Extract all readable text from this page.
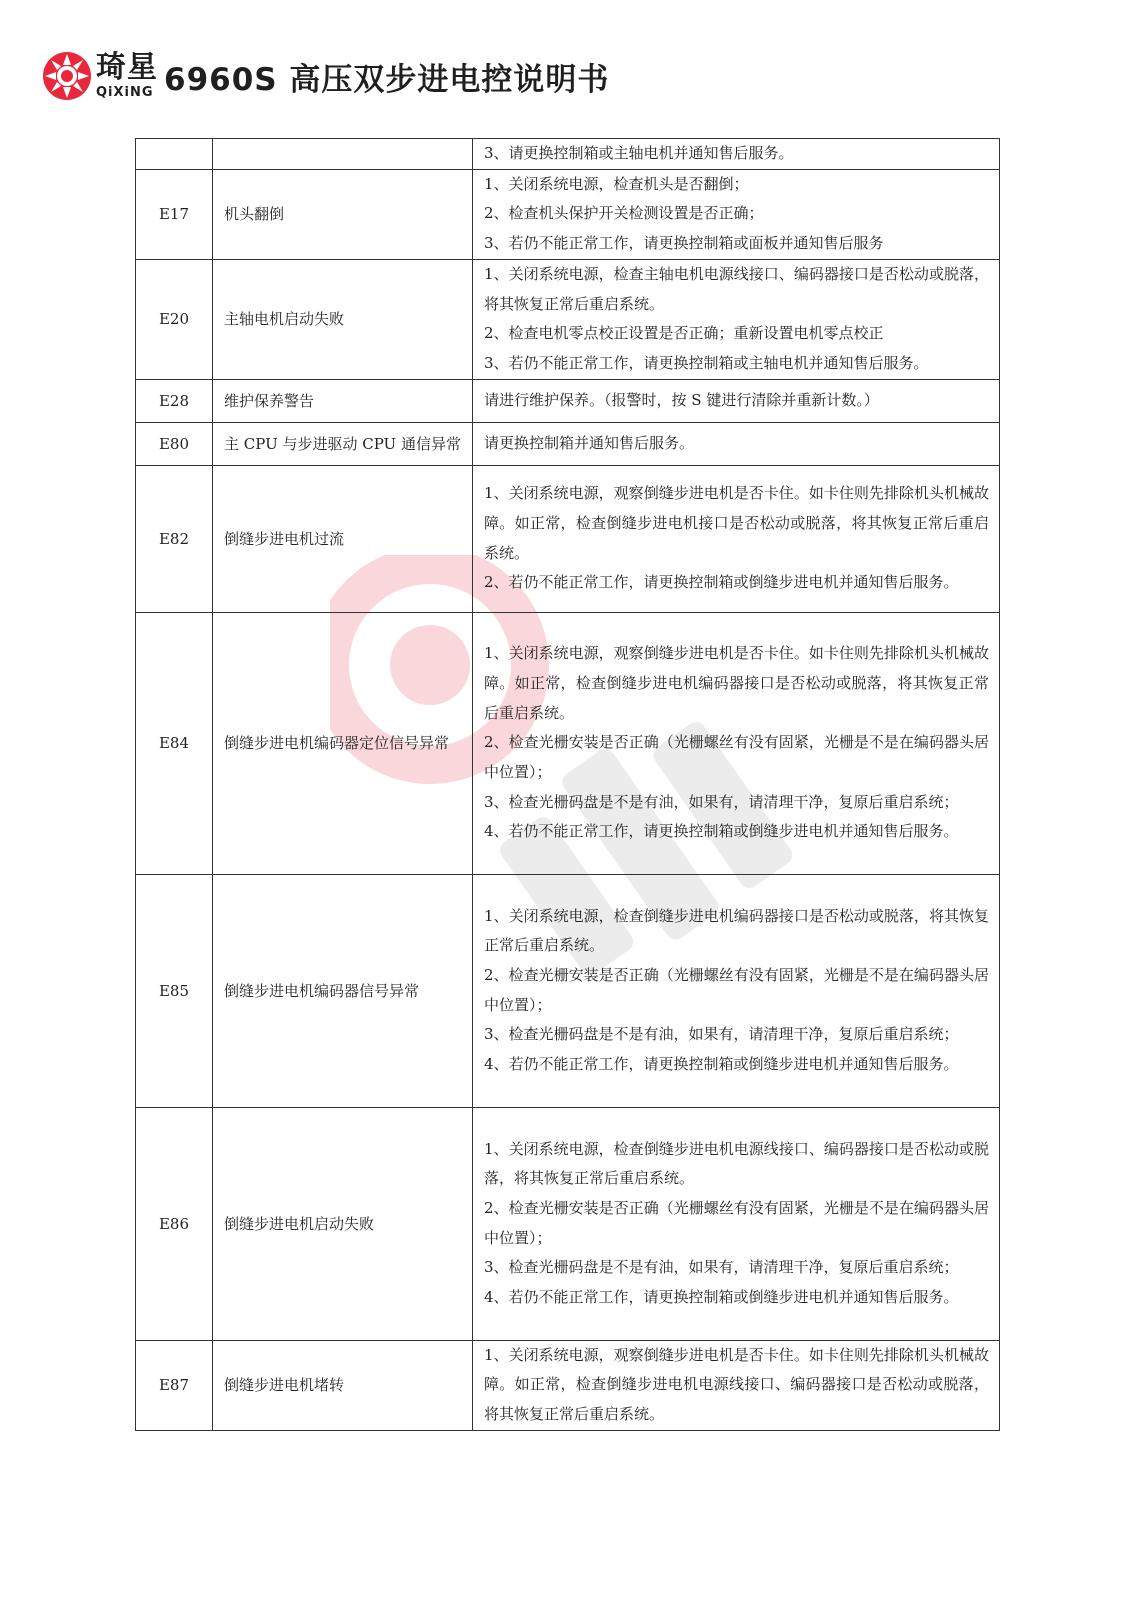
琦星
QiXiNG 6960S 高压双步进电控说明书

		3、请更换控制箱或主轴电机并通知售后服务。

E17	机头翻倒	1、关闭系统电源，检查机头是否翻倒；
2、检查机头保护开关检测设置是否正确；
3、若仍不能正常工作，请更换控制箱或面板并通知售后服务

E20	主轴电机启动失败	1、关闭系统电源，检查主轴电机电源线接口、编码器接口是否松动或脱落，将其恢复正常后重启系统。
2、检查电机零点校正设置是否正确；重新设置电机零点校正
3、若仍不能正常工作，请更换控制箱或主轴电机并通知售后服务。

E28	维护保养警告	请进行维护保养。（报警时，按 S 键进行清除并重新计数。）

E80	主 CPU 与步进驱动 CPU 通信异常	请更换控制箱并通知售后服务。

E82	倒缝步进电机过流	1、关闭系统电源，观察倒缝步进电机是否卡住。如卡住则先排除机头机械故障。如正常，检查倒缝步进电机接口是否松动或脱落，将其恢复正常后重启系统。
2、若仍不能正常工作，请更换控制箱或倒缝步进电机并通知售后服务。

E84	倒缝步进电机编码器定位信号异常	1、关闭系统电源，观察倒缝步进电机是否卡住。如卡住则先排除机头机械故障。如正常，检查倒缝步进电机编码器接口是否松动或脱落，将其恢复正常后重启系统。
2、检查光栅安装是否正确（光栅螺丝有没有固紧，光栅是不是在编码器头居中位置）；
3、检查光栅码盘是不是有油，如果有，请清理干净，复原后重启系统；
4、若仍不能正常工作，请更换控制箱或倒缝步进电机并通知售后服务。

E85	倒缝步进电机编码器信号异常	1、关闭系统电源，检查倒缝步进电机编码器接口是否松动或脱落，将其恢复正常后重启系统。
2、检查光栅安装是否正确（光栅螺丝有没有固紧，光栅是不是在编码器头居中位置）；
3、检查光栅码盘是不是有油，如果有，请清理干净，复原后重启系统；
4、若仍不能正常工作，请更换控制箱或倒缝步进电机并通知售后服务。

E86	倒缝步进电机启动失败	1、关闭系统电源，检查倒缝步进电机电源线接口、编码器接口是否松动或脱落，将其恢复正常后重启系统。
2、检查光栅安装是否正确（光栅螺丝有没有固紧，光栅是不是在编码器头居中位置）；
3、检查光栅码盘是不是有油，如果有，请清理干净，复原后重启系统；
4、若仍不能正常工作，请更换控制箱或倒缝步进电机并通知售后服务。

E87	倒缝步进电机堵转	1、关闭系统电源，观察倒缝步进电机是否卡住。如卡住则先排除机头机械故障。如正常，检查倒缝步进电机电源线接口、编码器接口是否松动或脱落，将其恢复正常后重启系统。
